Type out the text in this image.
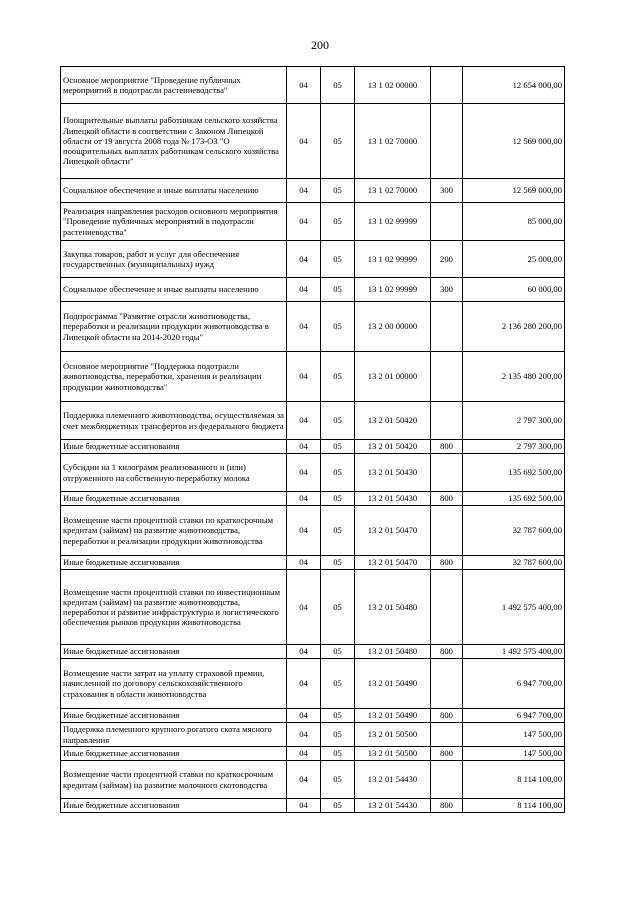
200
Основное мероприятие "Проведение публичных мероприятий в подотрасли растениеводства"	04	05	13 1 02 00000		12 654 000,00
Поощрительные выплаты работникам сельского хозяйства Липецкой области в соответствии с Законом Липецкой области от 19 августа 2008 года № 173-ОЗ "О поощрительных выплатах работникам сельского хозяйства Липецкой области"	04	05	13 1 02 70000		12 569 000,00
Социальное обеспечение и иные выплаты населению	04	05	13 1 02 70000	300	12 569 000,00
Реализация направления расходов основного мероприятия "Проведение публичных мероприятий в подотрасли растениеводства"	04	05	13 1 02 99999		85 000,00
Закупка товаров, работ и услуг для обеспечения государственных (муниципальных) нужд	04	05	13 1 02 99999	200	25 000,00
Социальное обеспечение и иные выплаты населению	04	05	13 1 02 99999	300	60 000,00
Подпрограмма "Развитие отрасли животноводства, переработки и реализации продукции животноводства в Липецкой области на 2014-2020 годы"	04	05	13 2 00 00000		2 136 280 200,00
Основное мероприятие "Поддержка подотрасли животноводства, переработки, хранения и реализации продукции животноводства"	04	05	13 2 01 00000		2 135 480 200,00
Поддержка племенного животноводства, осуществляемая за счет межбюджетных трансфертов из федерального бюджета	04	05	13 2 01 50420		2 797 300,00
Иные бюджетные ассигнования	04	05	13 2 01 50420	800	2 797 300,00
Субсидии на 1 килограмм реализованного и (или) отгруженного на собственную переработку молока	04	05	13 2 01 50430		135 692 500,00
Иные бюджетные ассигнования	04	05	13 2 01 50430	800	135 692 500,00
Возмещение части процентной ставки по краткосрочным кредитам (займам) на развитие животноводства, переработки и реализации продукции животноводства	04	05	13 2 01 50470		32 787 600,00
Иные бюджетные ассигнования	04	05	13 2 01 50470	800	32 787 600,00
Возмещение части процентной ставки по инвестиционным кредитам (займам) на развитие животноводства, переработки и развитие инфраструктуры и логистического обеспечения рынков продукции животноводства	04	05	13 2 01 50480		1 492 575 400,00
Иные бюджетные ассигнования	04	05	13 2 01 50480	800	1 492 575 400,00
Возмещение части затрат на уплату страховой премии, начисленной по договору сельскохозяйственного страхования в области животноводства	04	05	13 2 01 50490		6 947 700,00
Иные бюджетные ассигнования	04	05	13 2 01 50490	800	6 947 700,00
Поддержка племенного крупного рогатого скота мясного направления	04	05	13 2 01 50500		147 500,00
Иные бюджетные ассигнования	04	05	13 2 01 50500	800	147 500,00
Возмещение части процентной ставки по краткосрочным кредитам (займам) на развитие молочного скотоводства	04	05	13 2 01 54430		8 114 100,00
Иные бюджетные ассигнования	04	05	13 2 01 54430	800	8 114 100,00
